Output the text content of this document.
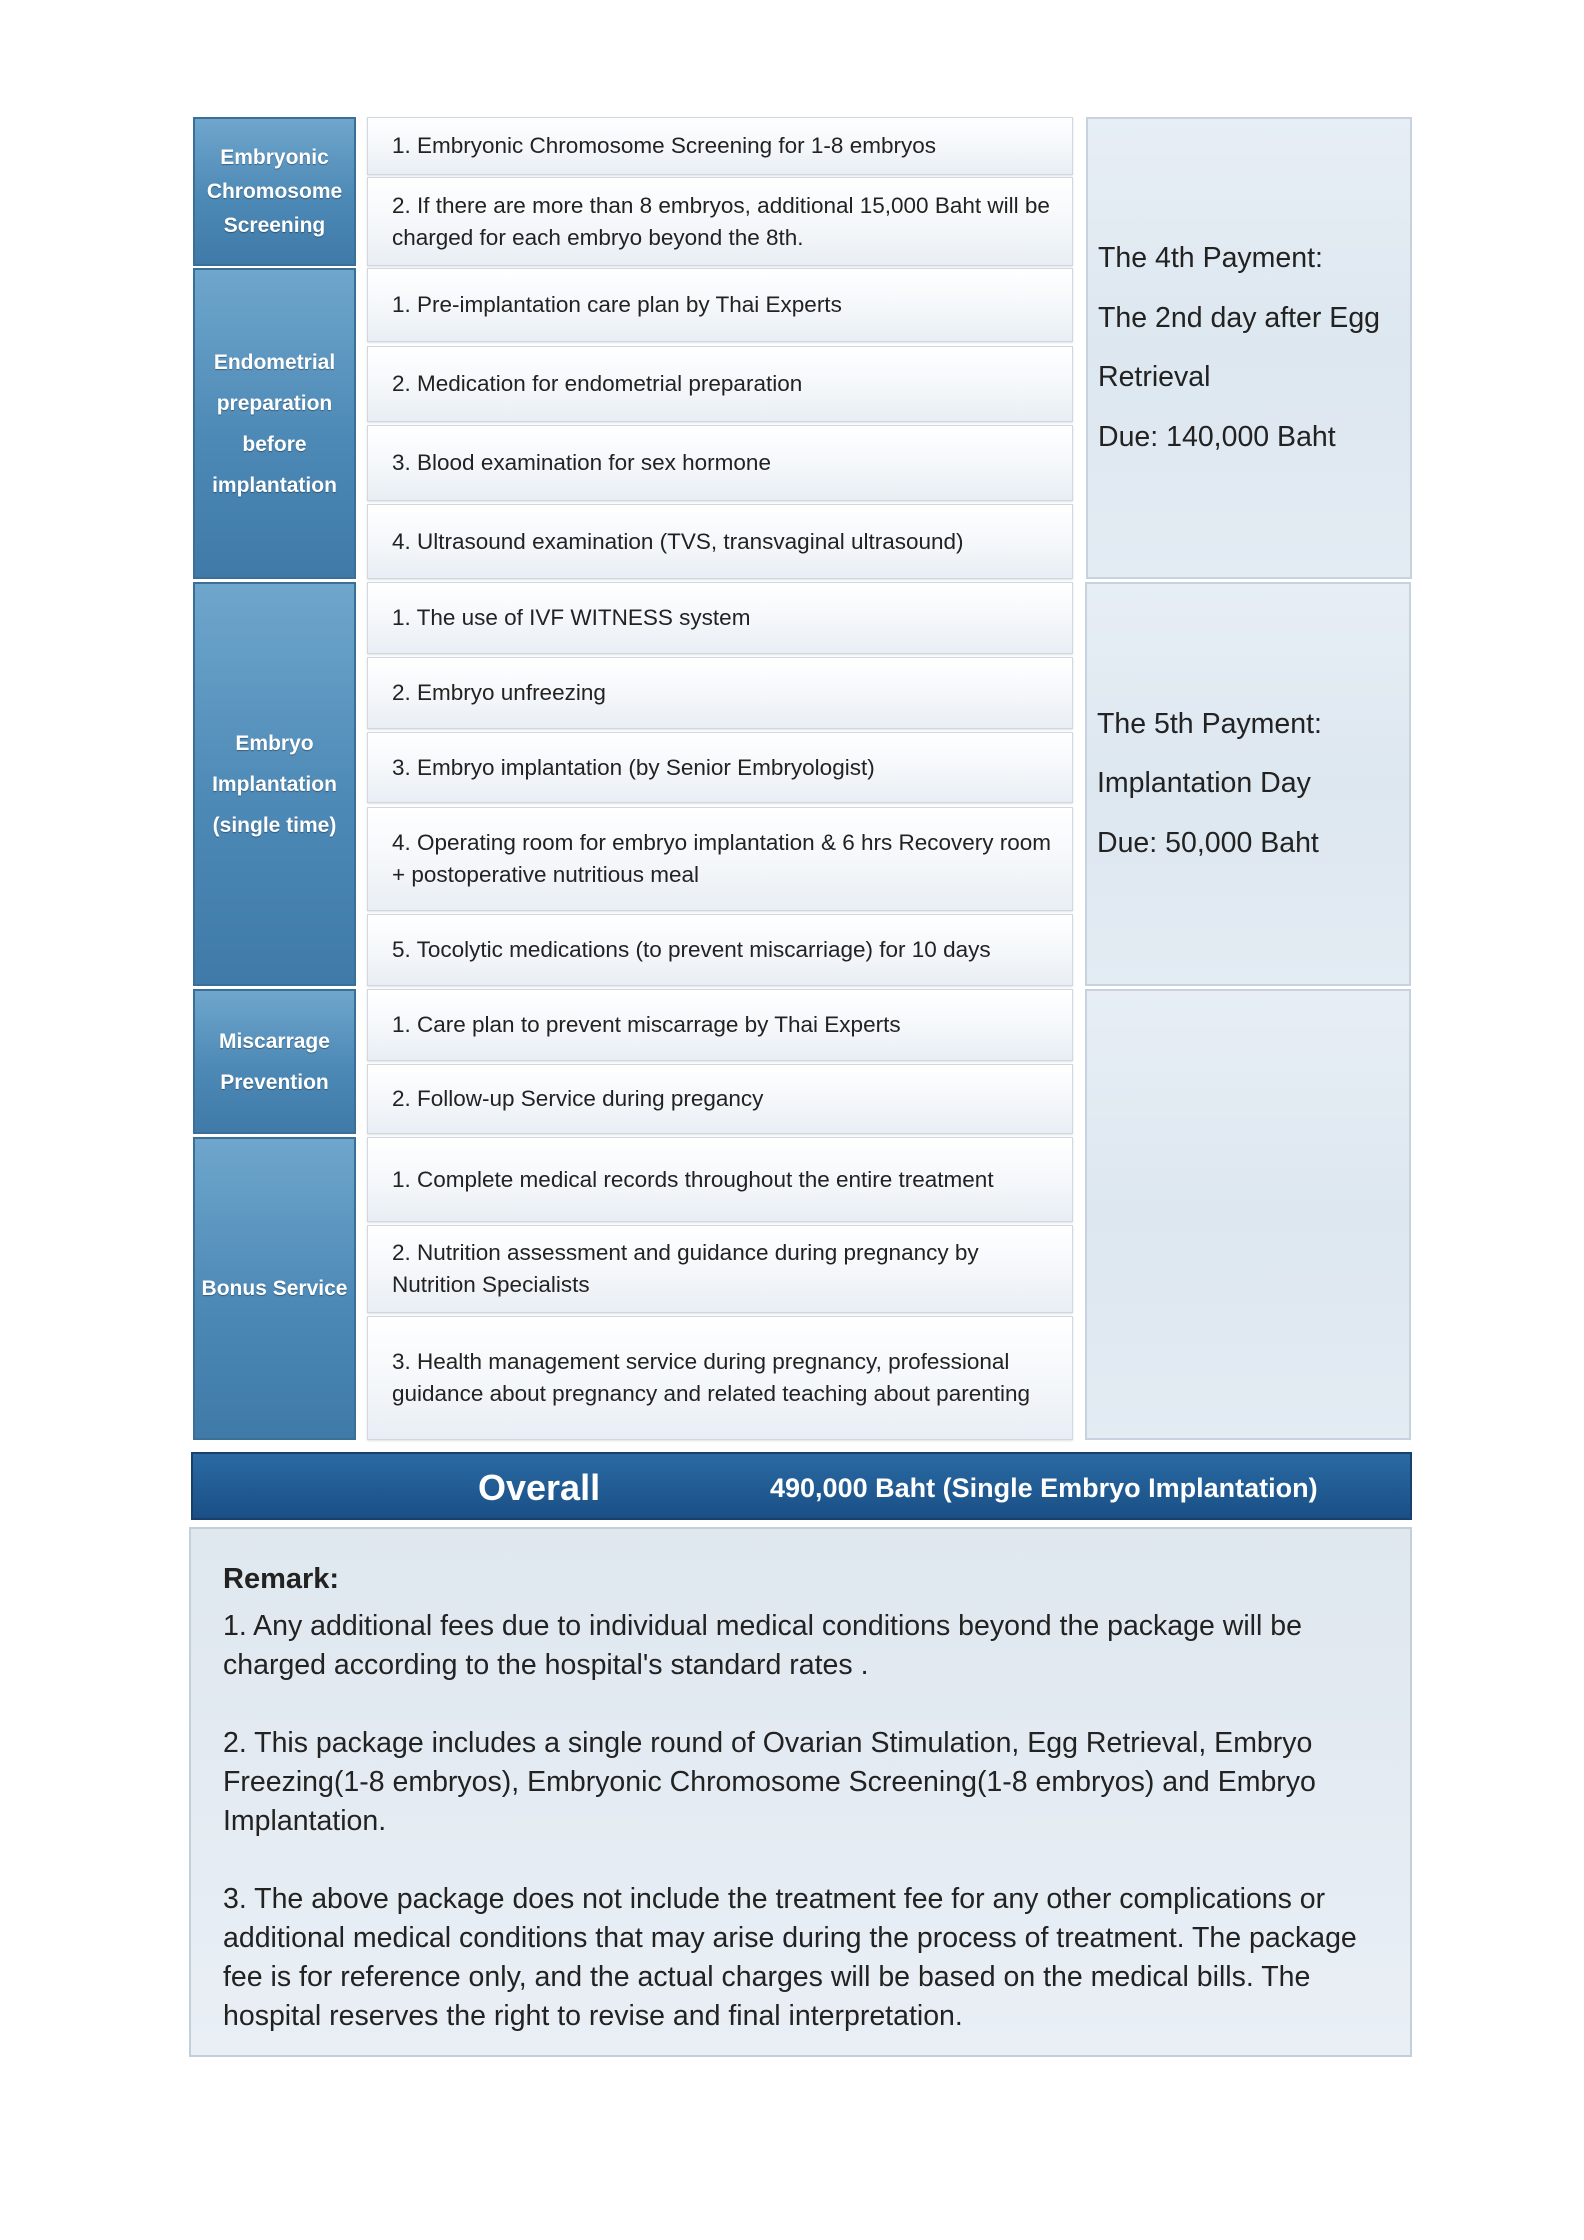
Embryonic
Chromosome
Screening
Endometrial
preparation
before
implantation
Embryo
Implantation
(single time)
Miscarrage
Prevention
Bonus Service
1. Embryonic Chromosome Screening for 1-8 embryos
2. If there are more than 8 embryos, additional 15,000 Baht will be charged for each embryo beyond the 8th.
1. Pre-implantation care plan by Thai Experts
2. Medication for endometrial preparation
3. Blood examination for sex hormone
4. Ultrasound examination (TVS, transvaginal ultrasound)
1. The use of IVF WITNESS system
2. Embryo unfreezing
3. Embryo implantation (by Senior Embryologist)
4. Operating room for embryo implantation & 6 hrs Recovery room + postoperative nutritious meal
5. Tocolytic medications (to prevent miscarriage) for 10 days
1. Care plan to prevent miscarrage by Thai Experts
2. Follow-up Service during pregancy
1. Complete medical records throughout the entire treatment
2. Nutrition assessment and guidance during pregnancy by Nutrition Specialists
3. Health management service during pregnancy, professional guidance about pregnancy and related teaching about parenting
The 4th Payment:
The 2nd day after Egg
Retrieval
Due: 140,000 Baht
The 5th Payment:
Implantation Day
Due: 50,000 Baht
Overall	490,000 Baht (Single Embryo Implantation)
Remark:

1. Any additional fees due to individual medical conditions beyond the package will be charged according to the hospital's standard rates .

2. This package includes a single round of Ovarian Stimulation, Egg Retrieval, Embryo Freezing(1-8 embryos), Embryonic Chromosome Screening(1-8 embryos) and Embryo Implantation.

3. The above package does not include the treatment fee for any other complications or additional medical conditions that may arise during the process of treatment. The package fee is for reference only, and the actual charges will be based on the medical bills. The hospital reserves the right to revise and final interpretation.
